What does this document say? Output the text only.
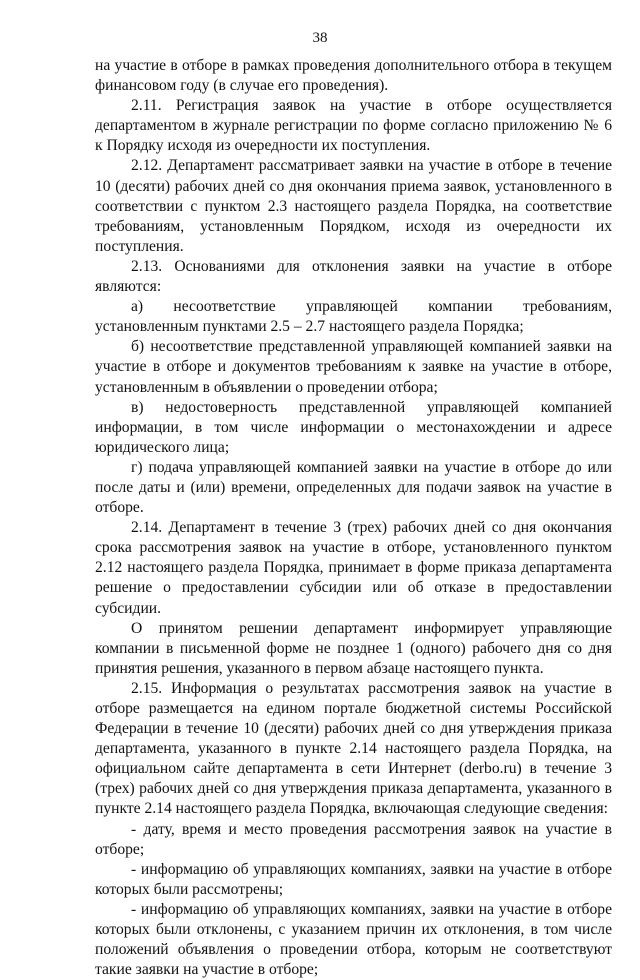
38

на участие в отборе в рамках проведения дополнительного отбора в текущем финансовом году (в случае его проведения).

2.11. Регистрация заявок на участие в отборе осуществляется департаментом в журнале регистрации по форме согласно приложению № 6 к Порядку исходя из очередности их поступления.

2.12. Департамент рассматривает заявки на участие в отборе в течение 10 (десяти) рабочих дней со дня окончания приема заявок, установленного в соответствии с пунктом 2.3 настоящего раздела Порядка, на соответствие требованиям, установленным Порядком, исходя из очередности их поступления.

2.13. Основаниями для отклонения заявки на участие в отборе являются:

а) несоответствие управляющей компании требованиям, установленным пунктами 2.5 – 2.7 настоящего раздела Порядка;

б) несоответствие представленной управляющей компанией заявки на участие в отборе и документов требованиям к заявке на участие в отборе, установленным в объявлении о проведении отбора;

в) недостоверность представленной управляющей компанией информации, в том числе информации о местонахождении и адресе юридического лица;

г) подача управляющей компанией заявки на участие в отборе до или после даты и (или) времени, определенных для подачи заявок на участие в отборе.

2.14. Департамент в течение 3 (трех) рабочих дней со дня окончания срока рассмотрения заявок на участие в отборе, установленного пунктом 2.12 настоящего раздела Порядка, принимает в форме приказа департамента решение о предоставлении субсидии или об отказе в предоставлении субсидии.

О принятом решении департамент информирует управляющие компании в письменной форме не позднее 1 (одного) рабочего дня со дня принятия решения, указанного в первом абзаце настоящего пункта.

2.15. Информация о результатах рассмотрения заявок на участие в отборе размещается на едином портале бюджетной системы Российской Федерации в течение 10 (десяти) рабочих дней со дня утверждения приказа департамента, указанного в пункте 2.14 настоящего раздела Порядка, на официальном сайте департамента в сети Интернет (derbo.ru) в течение 3 (трех) рабочих дней со дня утверждения приказа департамента, указанного в пункте 2.14 настоящего раздела Порядка, включающая следующие сведения:

- дату, время и место проведения рассмотрения заявок на участие в отборе;

- информацию об управляющих компаниях, заявки на участие в отборе которых были рассмотрены;

- информацию об управляющих компаниях, заявки на участие в отборе которых были отклонены, с указанием причин их отклонения, в том числе положений объявления о проведении отбора, которым не соответствуют такие заявки на участие в отборе;
